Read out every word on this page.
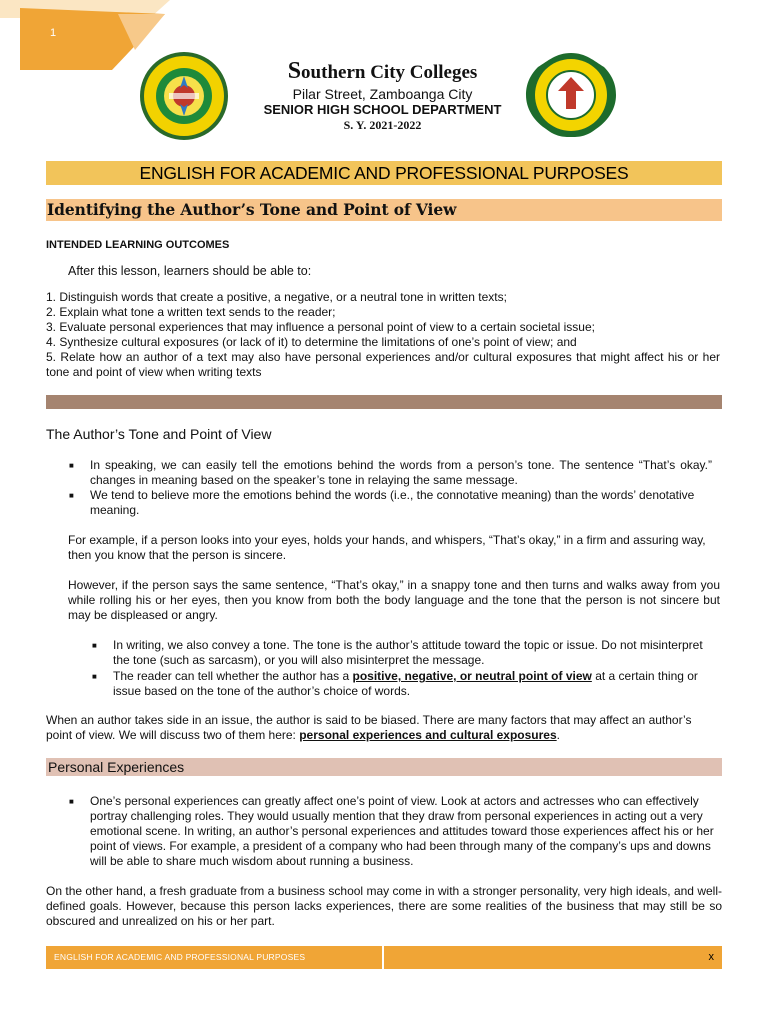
1
Southern City Colleges
Pilar Street, Zamboanga City
SENIOR HIGH SCHOOL DEPARTMENT
S. Y. 2021-2022
ENGLISH FOR ACADEMIC AND PROFESSIONAL PURPOSES
Identifying the Author’s Tone and Point of View
INTENDED LEARNING OUTCOMES
After this lesson, learners should be able to:
1. Distinguish words that create a positive, a negative, or a neutral tone in written texts;
2. Explain what tone a written text sends to the reader;
3. Evaluate personal experiences that may influence a personal point of view to a certain societal issue;
4. Synthesize cultural exposures (or lack of it) to determine the limitations of one’s point of view; and
5. Relate how an author of a text may also have personal experiences and/or cultural exposures that might affect his or her tone and point of view when writing texts
The Author’s Tone and Point of View
■ In speaking, we can easily tell the emotions behind the words from a person’s tone. The sentence “That’s okay.” changes in meaning based on the speaker’s tone in relaying the same message.
■ We tend to believe more the emotions behind the words (i.e., the connotative meaning) than the words’ denotative meaning.
For example, if a person looks into your eyes, holds your hands, and whispers, “That’s okay,” in a firm and assuring way, then you know that the person is sincere.
However, if the person says the same sentence, “That’s okay,” in a snappy tone and then turns and walks away from you while rolling his or her eyes, then you know from both the body language and the tone that the person is not sincere but may be displeased or angry.
■ In writing, we also convey a tone. The tone is the author’s attitude toward the topic or issue. Do not misinterpret the tone (such as sarcasm), or you will also misinterpret the message.
■ The reader can tell whether the author has a positive, negative, or neutral point of view at a certain thing or issue based on the tone of the author’s choice of words.
When an author takes side in an issue, the author is said to be biased. There are many factors that may affect an author’s point of view. We will discuss two of them here: personal experiences and cultural exposures.
Personal Experiences
■ One’s personal experiences can greatly affect one’s point of view. Look at actors and actresses who can effectively portray challenging roles. They would usually mention that they draw from personal experiences in acting out a very emotional scene. In writing, an author’s personal experiences and attitudes toward those experiences affect his or her point of views. For example, a president of a company who had been through many of the company’s ups and downs will be able to share much wisdom about running a business.
On the other hand, a fresh graduate from a business school may come in with a stronger personality, very high ideals, and well-defined goals. However, because this person lacks experiences, there are some realities of the business that may still be so obscured and unrealized on his or her part.
ENGLISH FOR ACADEMIC AND PROFESSIONAL PURPOSES	x
